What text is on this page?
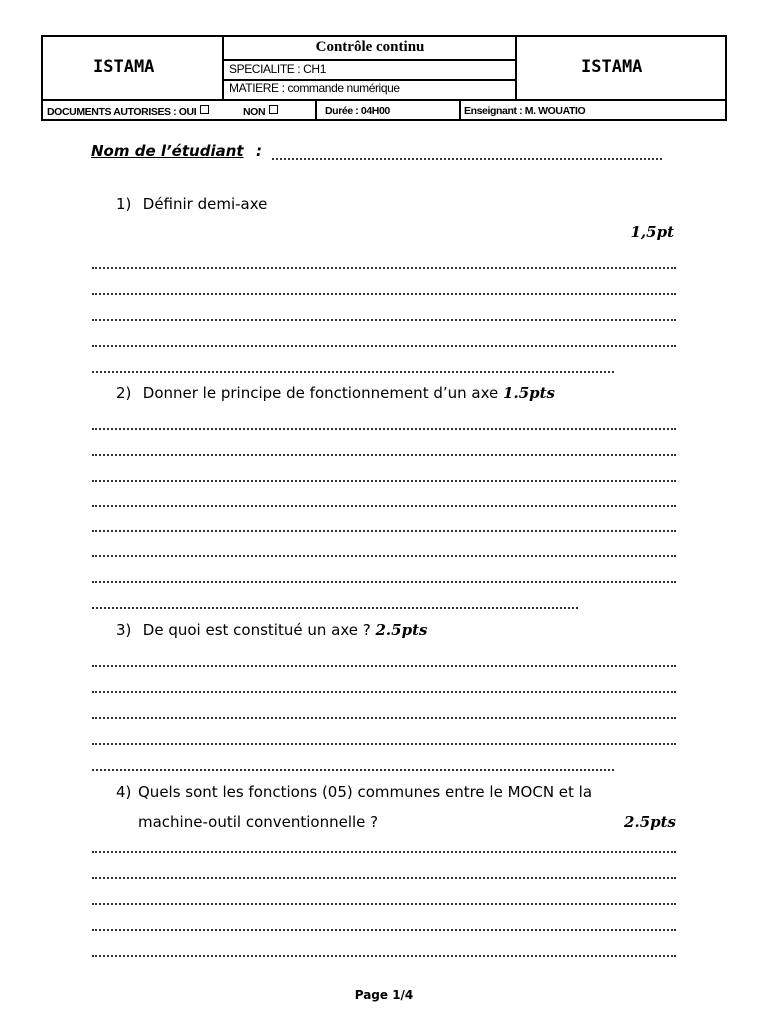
ISTAMA	ISTAMA
Contrôle continu
SPECIALITE : CH1
MATIERE : commande numérique
DOCUMENTS AUTORISES : OUI	NON	Durée : 04H00	Enseignant : M. WOUATIO
Nom de l’étudiant :
1) Définir demi-axe
1,5pt
2) Donner le principe de fonctionnement d’un axe 1.5pts
3) De quoi est constitué un axe ? 2.5pts
4) Quels sont les fonctions (05) communes entre le MOCN et la
machine-outil conventionnelle ?	2.5pts
Page 1/4
